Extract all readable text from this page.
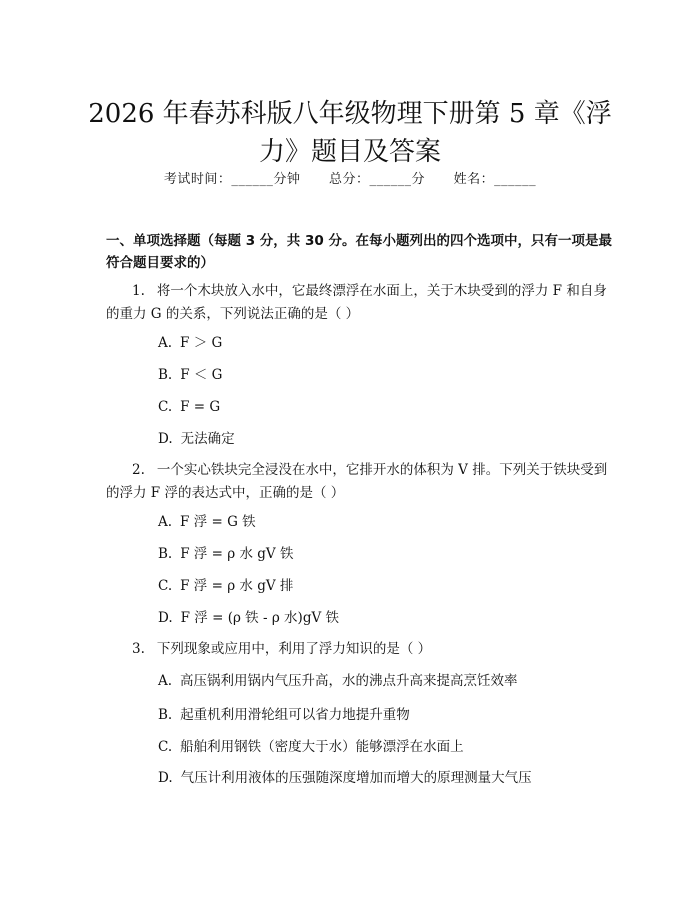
2026 年春苏科版八年级物理下册第 5 章《浮
力》题目及答案
考试时间：______分钟 总分：______分 姓名：______
一、单项选择题（每题 3 分，共 30 分。在每小题列出的四个选项中，只有一项是最符合题目要求的）
1. 将一个木块放入水中，它最终漂浮在水面上，关于木块受到的浮力 F 和自身的重力 G 的关系，下列说法正确的是（ ）
A. F ＞ G
B. F ＜ G
C. F = G
D. 无法确定
2. 一个实心铁块完全浸没在水中，它排开水的体积为 V 排。下列关于铁块受到的浮力 F 浮的表达式中，正确的是（ ）
A. F 浮 = G 铁
B. F 浮 = ρ 水 gV 铁
C. F 浮 = ρ 水 gV 排
D. F 浮 = (ρ 铁 - ρ 水)gV 铁
3. 下列现象或应用中，利用了浮力知识的是（ ）
A. 高压锅利用锅内气压升高，水的沸点升高来提高烹饪效率
B. 起重机利用滑轮组可以省力地提升重物
C. 船舶利用钢铁（密度大于水）能够漂浮在水面上
D. 气压计利用液体的压强随深度增加而增大的原理测量大气压
